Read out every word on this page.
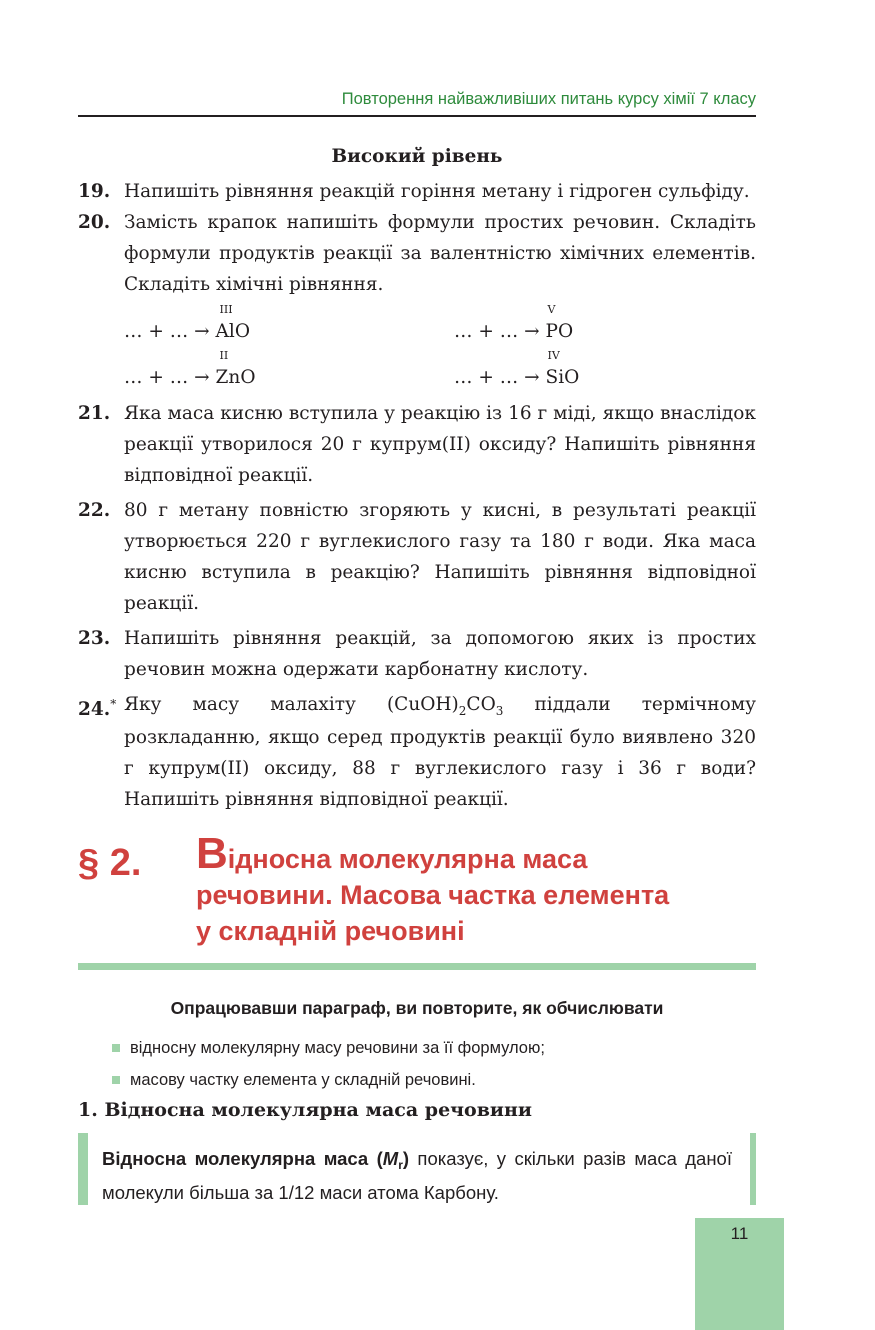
Повторення найважливіших питань курсу хімії 7 класу
Високий рівень
19. Напишіть рівняння реакцій горіння метану і гідроген сульфіду.
20. Замість крапок напишіть формули простих речовин. Складіть формули продуктів реакції за валентністю хімічних елементів. Складіть хімічні рівняння.
… + … →
III
AlO	… + … →
V
PO
… + … →
II
ZnO	… + … →
IV
SiO
21. Яка маса кисню вступила у реакцію із 16 г міді, якщо внаслідок реакції утворилося 20 г купрум(II) оксиду? Напишіть рівняння відповідної реакції.
22. 80 г метану повністю згоряють у кисні, в результаті реакції утворюється 220 г вуглекислого газу та 180 г води. Яка маса кисню вступила в реакцію? Напишіть рівняння відповідної реакції.
23. Напишіть рівняння реакцій, за допомогою яких із простих речовин можна одержати карбонатну кислоту.
24.* Яку масу малахіту $(CuOH)_2CO_3$ піддали термічному розкладанню, якщо серед продуктів реакції було виявлено 320 г купрум(II) оксиду, 88 г вуглекислого газу і 36 г води? Напишіть рівняння відповідної реакції.
§ 2. Відносна молекулярна маса
речовини. Масова частка елемента
у складній речовині
Опрацювавши параграф, ви повторите, як обчислювати
відносну молекулярну масу речовини за її формулою;
масову частку елемента у складній речовині.
1. Відносна молекулярна маса речовини
Відносна молекулярна маса $(M_r)$ показує, у скільки разів маса даної молекули більша за 1/12 маси атома Карбону.
11
